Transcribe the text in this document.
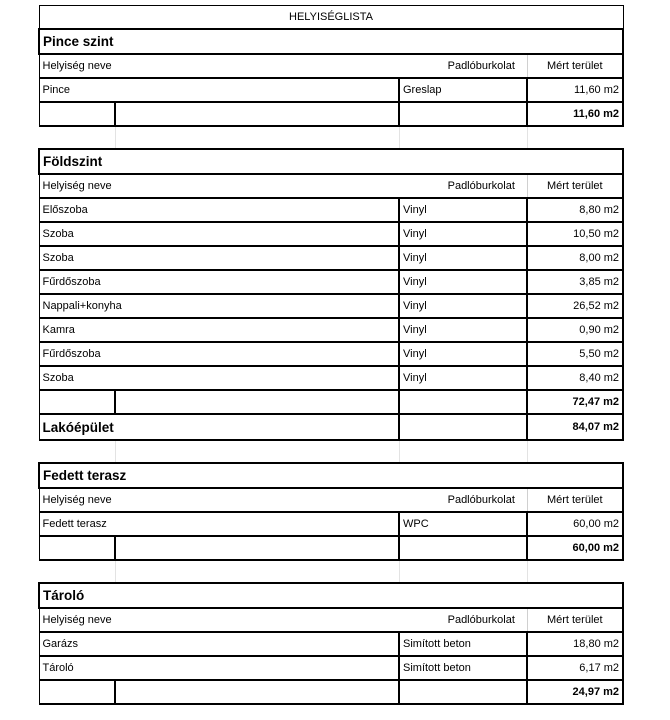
HELYISÉGLISTA			
Pince szint			
Helyiség neve		Padlóburkolat	Mért terület
Pince		Greslap	11,60 m2
			11,60 m2

Földszint			
Helyiség neve		Padlóburkolat	Mért terület
Előszoba		Vinyl	8,80 m2
Szoba		Vinyl	10,50 m2
Szoba		Vinyl	8,00 m2
Fűrdőszoba		Vinyl	3,85 m2
Nappali+konyha		Vinyl	26,52 m2
Kamra		Vinyl	0,90 m2
Fűrdőszoba		Vinyl	5,50 m2
Szoba		Vinyl	8,40 m2
			72,47 m2
Lakóépület			84,07 m2

Fedett terasz			
Helyiség neve		Padlóburkolat	Mért terület
Fedett terasz		WPC	60,00 m2
			60,00 m2

Tároló			
Helyiség neve		Padlóburkolat	Mért terület
Garázs		Simított beton	18,80 m2
Tároló		Simított beton	6,17 m2
			24,97 m2
